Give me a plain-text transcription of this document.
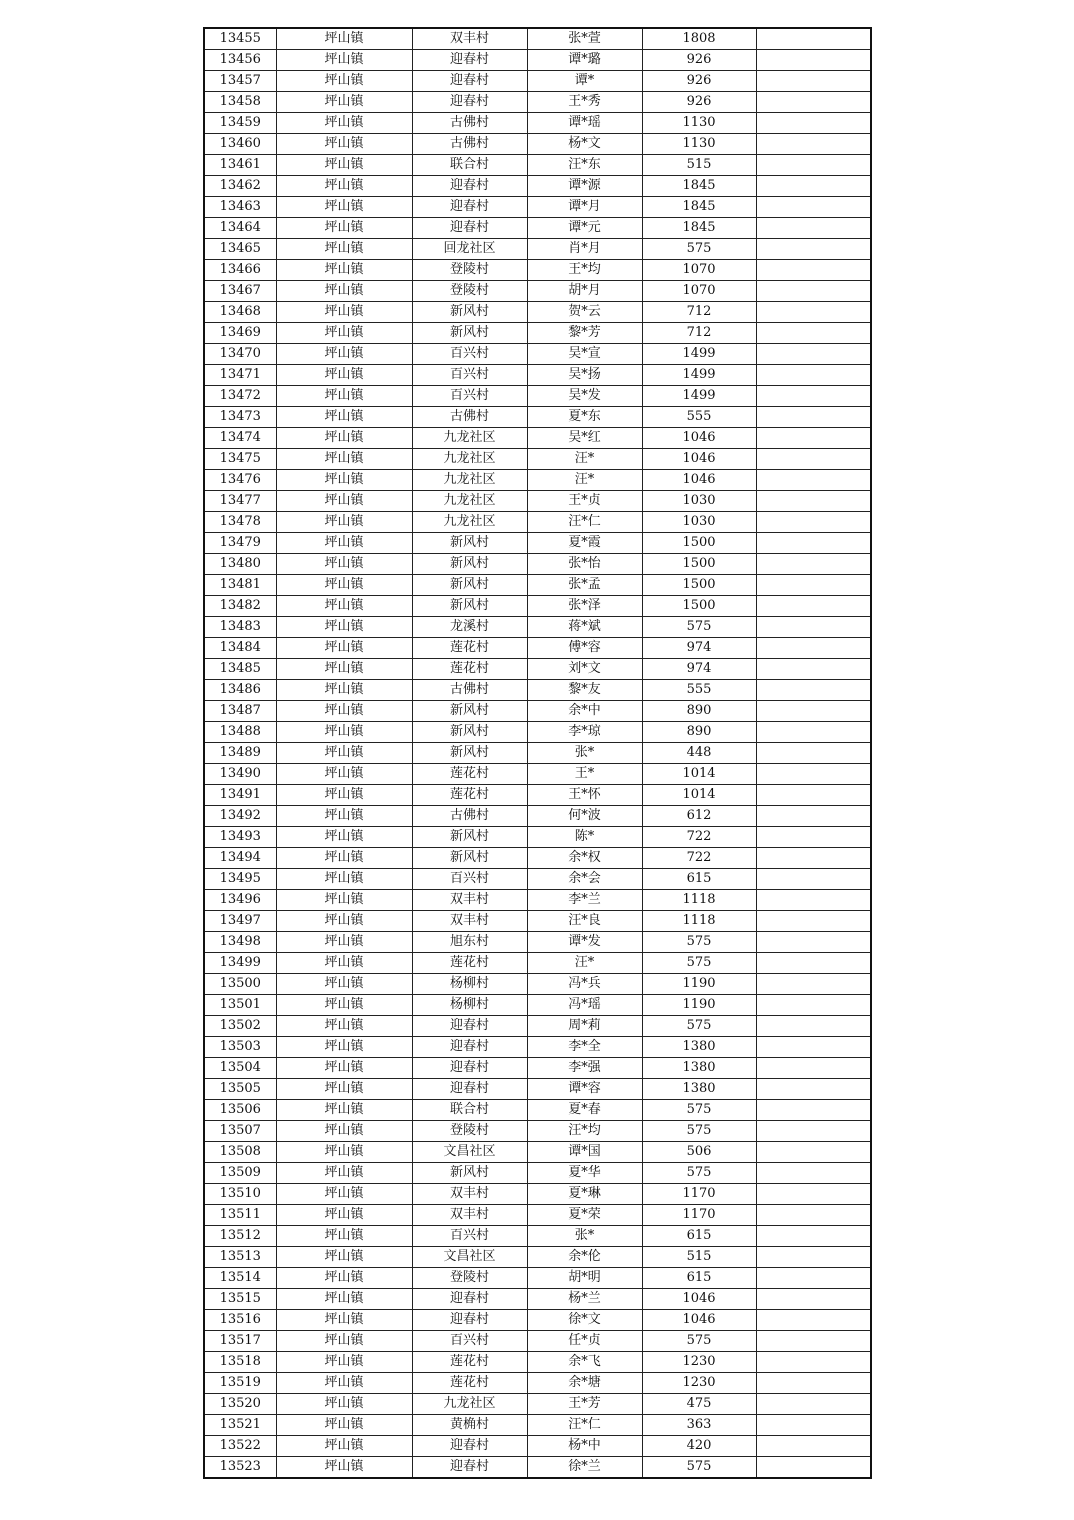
13455	坪山镇	双丰村	张*萱	1808	
13456	坪山镇	迎春村	谭*璐	926	
13457	坪山镇	迎春村	谭*	926	
13458	坪山镇	迎春村	王*秀	926	
13459	坪山镇	古佛村	谭*瑶	1130	
13460	坪山镇	古佛村	杨*文	1130	
13461	坪山镇	联合村	汪*东	515	
13462	坪山镇	迎春村	谭*源	1845	
13463	坪山镇	迎春村	谭*月	1845	
13464	坪山镇	迎春村	谭*元	1845	
13465	坪山镇	回龙社区	肖*月	575	
13466	坪山镇	登陵村	王*均	1070	
13467	坪山镇	登陵村	胡*月	1070	
13468	坪山镇	新风村	贺*云	712	
13469	坪山镇	新风村	黎*芳	712	
13470	坪山镇	百兴村	吴*宣	1499	
13471	坪山镇	百兴村	吴*扬	1499	
13472	坪山镇	百兴村	吴*发	1499	
13473	坪山镇	古佛村	夏*东	555	
13474	坪山镇	九龙社区	吴*红	1046	
13475	坪山镇	九龙社区	汪*	1046	
13476	坪山镇	九龙社区	汪*	1046	
13477	坪山镇	九龙社区	王*贞	1030	
13478	坪山镇	九龙社区	汪*仁	1030	
13479	坪山镇	新风村	夏*霞	1500	
13480	坪山镇	新风村	张*怡	1500	
13481	坪山镇	新风村	张*孟	1500	
13482	坪山镇	新风村	张*泽	1500	
13483	坪山镇	龙溪村	蒋*斌	575	
13484	坪山镇	莲花村	傅*容	974	
13485	坪山镇	莲花村	刘*文	974	
13486	坪山镇	古佛村	黎*友	555	
13487	坪山镇	新风村	余*中	890	
13488	坪山镇	新风村	李*琼	890	
13489	坪山镇	新风村	张*	448	
13490	坪山镇	莲花村	王*	1014	
13491	坪山镇	莲花村	王*怀	1014	
13492	坪山镇	古佛村	何*波	612	
13493	坪山镇	新风村	陈*	722	
13494	坪山镇	新风村	余*权	722	
13495	坪山镇	百兴村	余*会	615	
13496	坪山镇	双丰村	李*兰	1118	
13497	坪山镇	双丰村	汪*良	1118	
13498	坪山镇	旭东村	谭*发	575	
13499	坪山镇	莲花村	汪*	575	
13500	坪山镇	杨柳村	冯*兵	1190	
13501	坪山镇	杨柳村	冯*瑶	1190	
13502	坪山镇	迎春村	周*莉	575	
13503	坪山镇	迎春村	李*全	1380	
13504	坪山镇	迎春村	李*强	1380	
13505	坪山镇	迎春村	谭*容	1380	
13506	坪山镇	联合村	夏*春	575	
13507	坪山镇	登陵村	汪*均	575	
13508	坪山镇	文昌社区	谭*国	506	
13509	坪山镇	新风村	夏*华	575	
13510	坪山镇	双丰村	夏*琳	1170	
13511	坪山镇	双丰村	夏*荣	1170	
13512	坪山镇	百兴村	张*	615	
13513	坪山镇	文昌社区	余*伦	515	
13514	坪山镇	登陵村	胡*明	615	
13515	坪山镇	迎春村	杨*兰	1046	
13516	坪山镇	迎春村	徐*文	1046	
13517	坪山镇	百兴村	任*贞	575	
13518	坪山镇	莲花村	余*飞	1230	
13519	坪山镇	莲花村	余*塘	1230	
13520	坪山镇	九龙社区	王*芳	475	
13521	坪山镇	黄桷村	汪*仁	363	
13522	坪山镇	迎春村	杨*中	420	
13523	坪山镇	迎春村	徐*兰	575	
